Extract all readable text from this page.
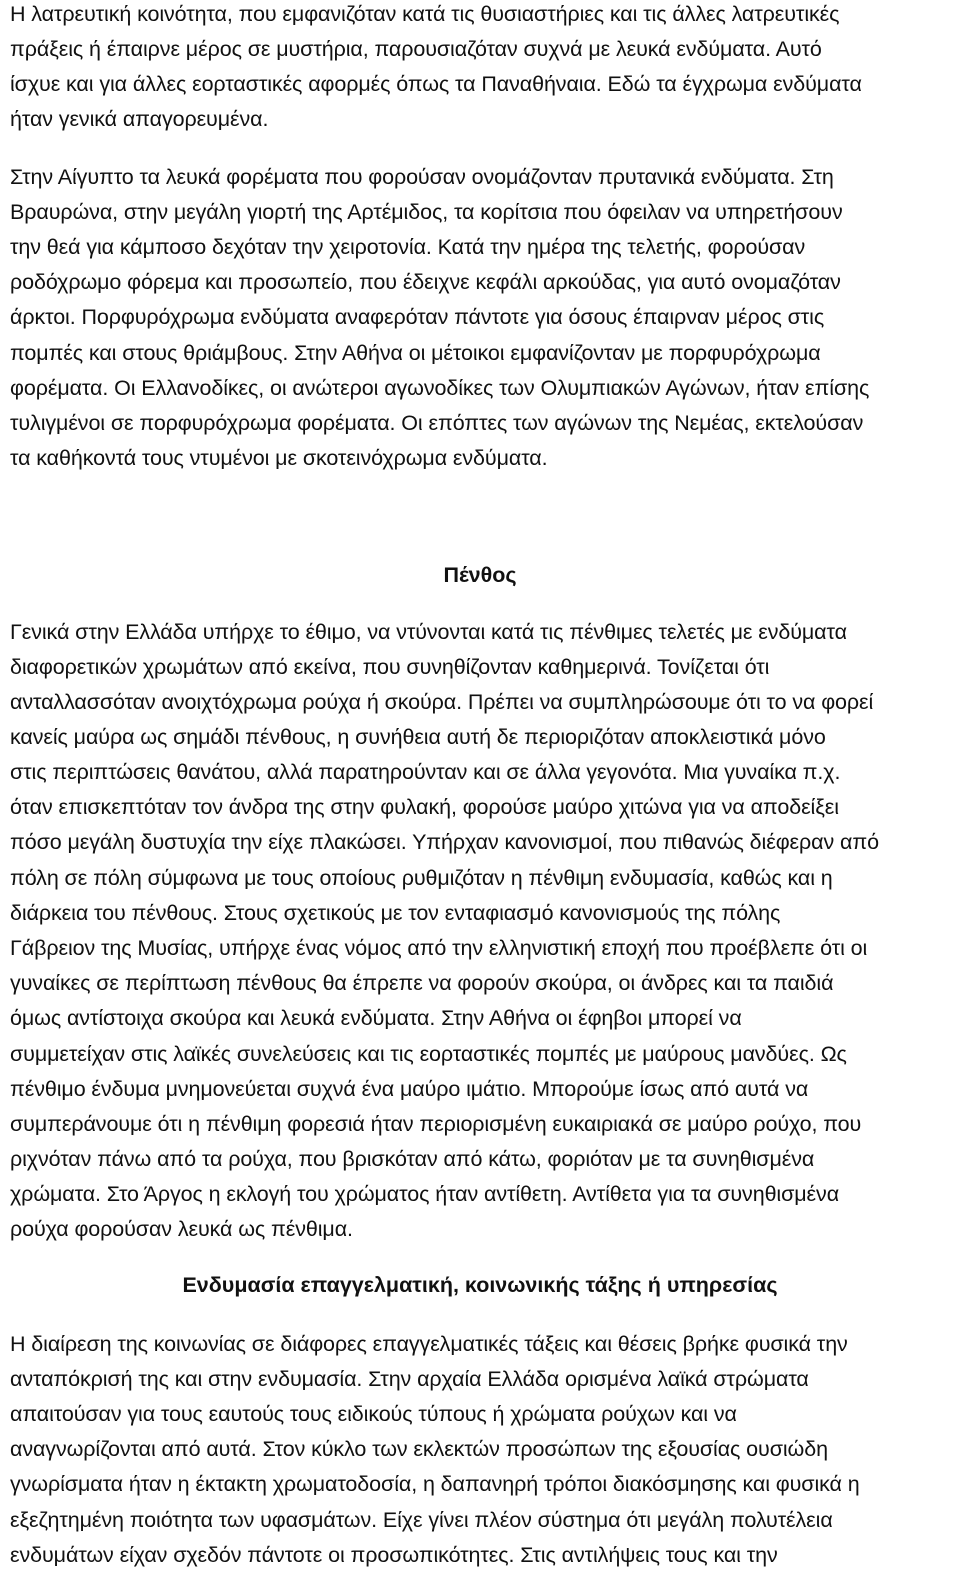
Η λατρευτική κοινότητα, που εμφανιζόταν κατά τις θυσιαστήριες και τις άλλες λατρευτικές
πράξεις ή έπαιρνε μέρος σε μυστήρια, παρουσιαζόταν συχνά με λευκά ενδύματα. Αυτό
ίσχυε και για άλλες εορταστικές αφορμές όπως τα Παναθήναια. Εδώ τα έγχρωμα ενδύματα
ήταν γενικά απαγορευμένα.
Στην Αίγυπτο τα λευκά φορέματα που φορούσαν ονομάζονταν πρυτανικά ενδύματα. Στη
Βραυρώνα, στην μεγάλη γιορτή της Αρτέμιδος, τα κορίτσια που όφειλαν να υπηρετήσουν
την θεά για κάμποσο δεχόταν την χειροτονία. Κατά την ημέρα της τελετής, φορούσαν
ροδόχρωμο φόρεμα και προσωπείο, που έδειχνε κεφάλι αρκούδας, για αυτό ονομαζόταν
άρκτοι. Πορφυρόχρωμα ενδύματα αναφερόταν πάντοτε για όσους έπαιρναν μέρος στις
πομπές και στους θριάμβους. Στην Αθήνα οι μέτοικοι εμφανίζονταν με πορφυρόχρωμα
φορέματα. Οι Ελλανοδίκες, οι ανώτεροι αγωνοδίκες των Ολυμπιακών Αγώνων, ήταν επίσης
τυλιγμένοι σε πορφυρόχρωμα φορέματα. Οι επόπτες των αγώνων της Νεμέας, εκτελούσαν
τα καθήκοντά τους ντυμένοι με σκοτεινόχρωμα ενδύματα.
Πένθος
Γενικά στην Ελλάδα υπήρχε το έθιμο, να ντύνονται κατά τις πένθιμες τελετές με ενδύματα
διαφορετικών χρωμάτων από εκείνα, που συνηθίζονταν καθημερινά. Τονίζεται ότι
ανταλλασσόταν ανοιχτόχρωμα ρούχα ή σκούρα. Πρέπει να συμπληρώσουμε ότι το να φορεί
κανείς μαύρα ως σημάδι πένθους, η συνήθεια αυτή δε περιοριζόταν αποκλειστικά μόνο
στις περιπτώσεις θανάτου, αλλά παρατηρούνταν και σε άλλα γεγονότα. Μια γυναίκα π.χ.
όταν επισκεπτόταν τον άνδρα της στην φυλακή, φορούσε μαύρο χιτώνα για να αποδείξει
πόσο μεγάλη δυστυχία την είχε πλακώσει. Υπήρχαν κανονισμοί, που πιθανώς διέφεραν από
πόλη σε πόλη σύμφωνα με τους οποίους ρυθμιζόταν η πένθιμη ενδυμασία, καθώς και η
διάρκεια του πένθους. Στους σχετικούς με τον ενταφιασμό κανονισμούς της πόλης
Γάβρειον της Μυσίας, υπήρχε ένας νόμος από την ελληνιστική εποχή που προέβλεπε ότι οι
γυναίκες σε περίπτωση πένθους θα έπρεπε να φορούν σκούρα, οι άνδρες και τα παιδιά
όμως αντίστοιχα σκούρα και λευκά ενδύματα. Στην Αθήνα οι έφηβοι μπορεί να
συμμετείχαν στις λαϊκές συνελεύσεις και τις εορταστικές πομπές με μαύρους μανδύες. Ως
πένθιμο ένδυμα μνημονεύεται συχνά ένα μαύρο ιμάτιο. Μπορούμε ίσως από αυτά να
συμπεράνουμε ότι η πένθιμη φορεσιά ήταν περιορισμένη ευκαιριακά σε μαύρο ρούχο, που
ριχνόταν πάνω από τα ρούχα, που βρισκόταν από κάτω, φοριόταν με τα συνηθισμένα
χρώματα. Στο Άργος η εκλογή του χρώματος ήταν αντίθετη. Αντίθετα για τα συνηθισμένα
ρούχα φορούσαν λευκά ως πένθιμα.
Ενδυμασία επαγγελματική, κοινωνικής τάξης ή υπηρεσίας
Η διαίρεση της κοινωνίας σε διάφορες επαγγελματικές τάξεις και θέσεις βρήκε φυσικά την
ανταπόκρισή της και στην ενδυμασία. Στην αρχαία Ελλάδα ορισμένα λαϊκά στρώματα
απαιτούσαν για τους εαυτούς τους ειδικούς τύπους ή χρώματα ρούχων και να
αναγνωρίζονται από αυτά. Στον κύκλο των εκλεκτών προσώπων της εξουσίας ουσιώδη
γνωρίσματα ήταν η έκτακτη χρωματοδοσία, η δαπανηρή τρόποι διακόσμησης και φυσικά η
εξεζητημένη ποιότητα των υφασμάτων. Είχε γίνει πλέον σύστημα ότι μεγάλη πολυτέλεια
ενδυμάτων είχαν σχεδόν πάντοτε οι προσωπικότητες. Στις αντιλήψεις τους και την
